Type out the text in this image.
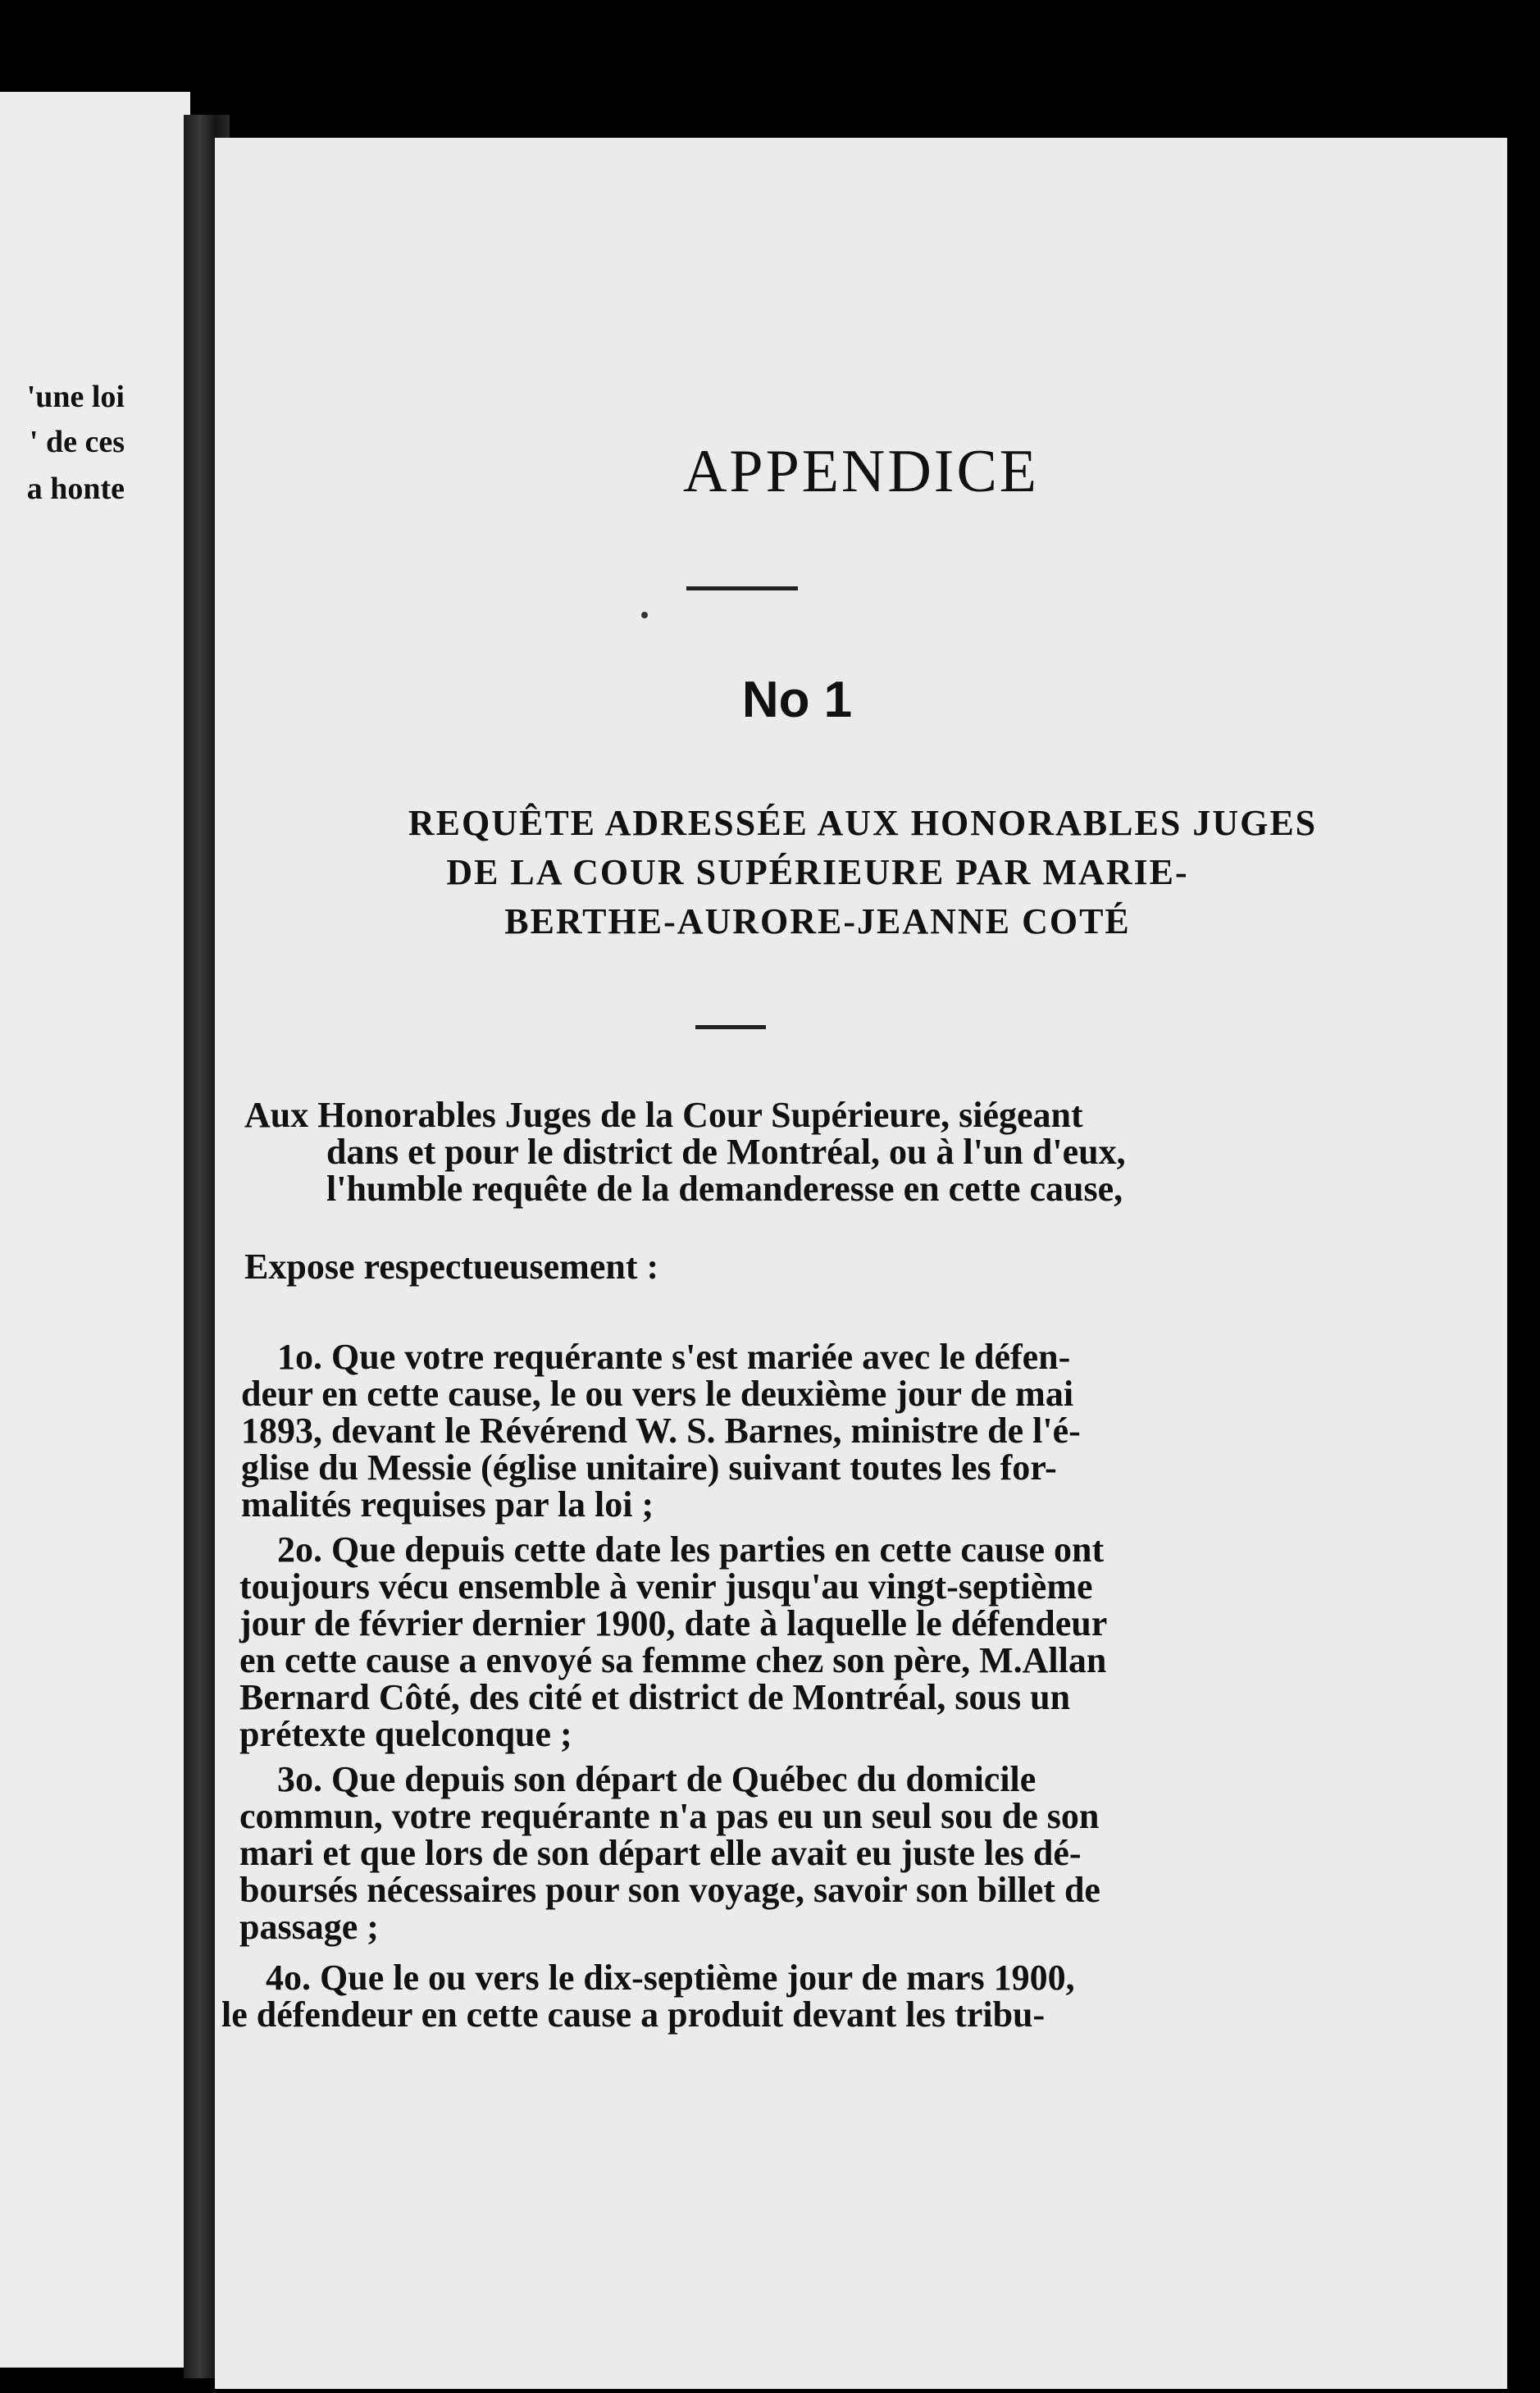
'une loi
' de ces
a honte	APPENDICE
No 1
REQUÊTE ADRESSÉE AUX HONORABLES JUGES
DE LA COUR SUPÉRIEURE PAR MARIE-
BERTHE-AURORE-JEANNE COTÉ
Aux Honorables Juges de la Cour Supérieure, siégeant
dans et pour le district de Montréal, ou à l'un d'eux,
l'humble requête de la demanderesse en cette cause,
Expose respectueusement :
1o. Que votre requérante s'est mariée avec le défen-
deur en cette cause, le ou vers le deuxième jour de mai
1893, devant le Révérend W. S. Barnes, ministre de l'é-
glise du Messie (église unitaire) suivant toutes les for-
malités requises par la loi ;
2o. Que depuis cette date les parties en cette cause ont
toujours vécu ensemble à venir jusqu'au vingt-septième
jour de février dernier 1900, date à laquelle le défendeur
en cette cause a envoyé sa femme chez son père, M.Allan
Bernard Côté, des cité et district de Montréal, sous un
prétexte quelconque ;
3o. Que depuis son départ de Québec du domicile
commun, votre requérante n'a pas eu un seul sou de son
mari et que lors de son départ elle avait eu juste les dé-
boursés nécessaires pour son voyage, savoir son billet de
passage ;
4o. Que le ou vers le dix-septième jour de mars 1900,
le défendeur en cette cause a produit devant les tribu-
